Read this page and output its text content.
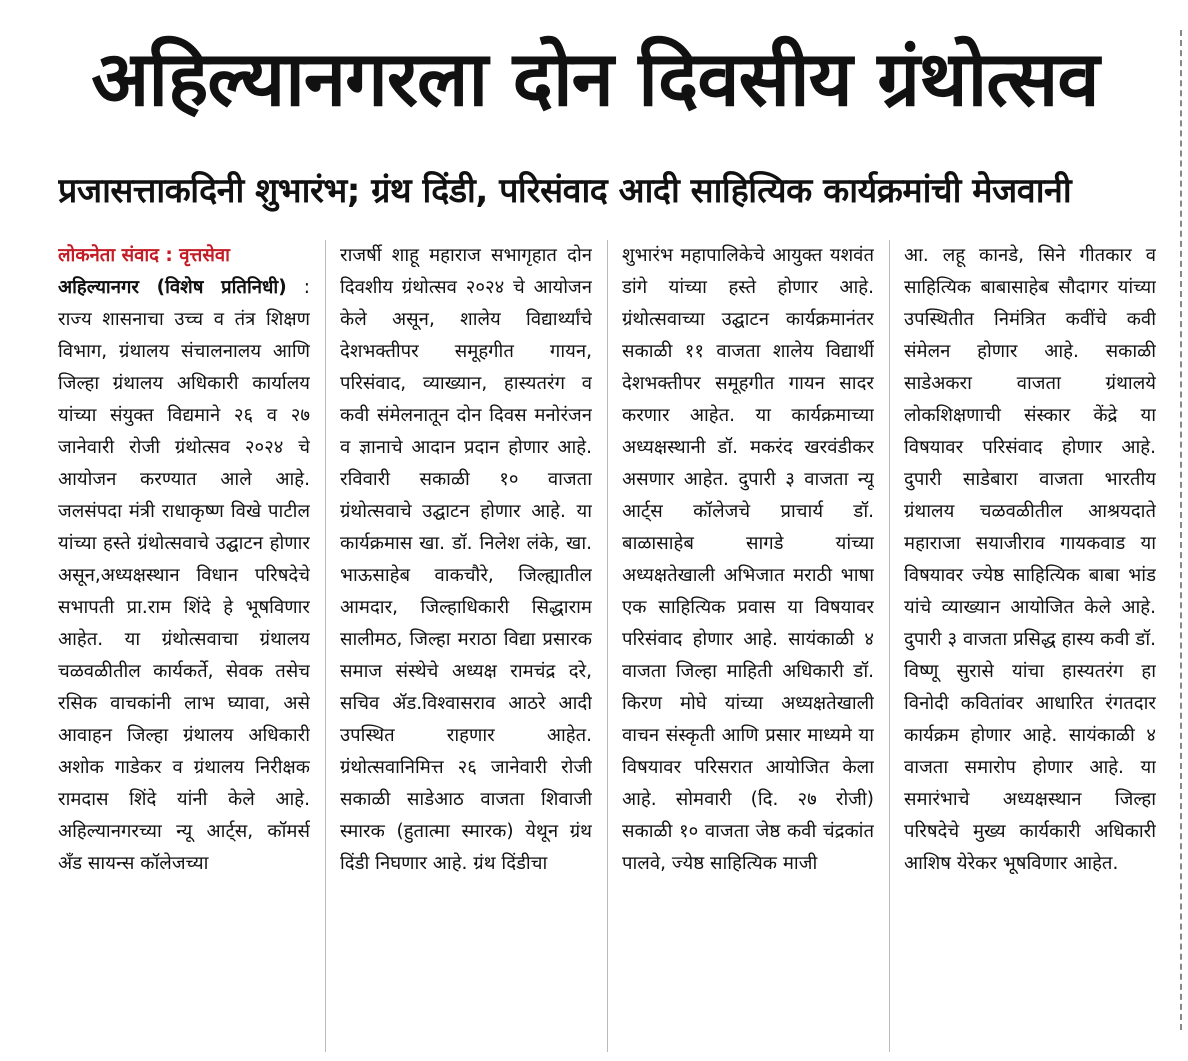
अहिल्यानगरला दोन दिवसीय ग्रंथोत्सव
प्रजासत्ताकदिनी शुभारंभ; ग्रंथ दिंडी, परिसंवाद आदी साहित्यिक कार्यक्रमांची मेजवानी

लोकनेता संवाद : वृत्तसेवा

अहिल्यानगर (विशेष प्रतिनिधी) : राज्य शासनाचा उच्च व तंत्र शिक्षण विभाग, ग्रंथालय संचालनालय आणि जिल्हा ग्रंथालय अधिकारी कार्यालय यांच्या संयुक्त विद्यमाने २६ व २७ जानेवारी रोजी ग्रंथोत्सव २०२४ चे आयोजन करण्यात आले आहे. जलसंपदा मंत्री राधाकृष्ण विखे पाटील यांच्या हस्ते ग्रंथोत्सवाचे उद्घाटन होणार असून,अध्यक्षस्थान विधान परिषदेचे सभापती प्रा.राम शिंदे हे भूषविणार आहेत. या ग्रंथोत्सवाचा ग्रंथालय चळवळीतील कार्यकर्ते, सेवक तसेच रसिक वाचकांनी लाभ घ्यावा, असे आवाहन जिल्हा ग्रंथालय अधिकारी अशोक गाडेकर व ग्रंथालय निरीक्षक रामदास शिंदे यांनी केले आहे. अहिल्यानगरच्या न्यू आर्ट्स, कॉमर्स अँड सायन्स कॉलेजच्या

राजर्षी शाहू महाराज सभागृहात दोन दिवशीय ग्रंथोत्सव २०२४ चे आयोजन केले असून, शालेय विद्यार्थ्यांचे देशभक्तीपर समूहगीत गायन, परिसंवाद, व्याख्यान, हास्यतरंग व कवी संमेलनातून दोन दिवस मनोरंजन व ज्ञानाचे आदान प्रदान होणार आहे. रविवारी सकाळी १० वाजता ग्रंथोत्सवाचे उद्घाटन होणार आहे. या कार्यक्रमास खा. डॉ. निलेश लंके, खा. भाऊसाहेब वाकचौरे, जिल्ह्यातील आमदार, जिल्हाधिकारी सिद्धाराम सालीमठ, जिल्हा मराठा विद्या प्रसारक समाज संस्थेचे अध्यक्ष रामचंद्र दरे, सचिव ॲड.विश्वासराव आठरे आदी उपस्थित राहणार आहेत. ग्रंथोत्सवानिमित्त २६ जानेवारी रोजी सकाळी साडेआठ वाजता शिवाजी स्मारक (हुतात्मा स्मारक) येथून ग्रंथ दिंडी निघणार आहे. ग्रंथ दिंडीचा

शुभारंभ महापालिकेचे आयुक्त यशवंत डांगे यांच्या हस्ते होणार आहे. ग्रंथोत्सवाच्या उद्घाटन कार्यक्रमानंतर सकाळी ११ वाजता शालेय विद्यार्थी देशभक्तीपर समूहगीत गायन सादर करणार आहेत. या कार्यक्रमाच्या अध्यक्षस्थानी डॉ. मकरंद खरवंडीकर असणार आहेत. दुपारी ३ वाजता न्यू आर्ट्स कॉलेजचे प्राचार्य डॉ. बाळासाहेब सागडे यांच्या अध्यक्षतेखाली अभिजात मराठी भाषा एक साहित्यिक प्रवास या विषयावर परिसंवाद होणार आहे. सायंकाळी ४ वाजता जिल्हा माहिती अधिकारी डॉ. किरण मोघे यांच्या अध्यक्षतेखाली वाचन संस्कृती आणि प्रसार माध्यमे या विषयावर परिसरात आयोजित केला आहे. सोमवारी (दि. २७ रोजी) सकाळी १० वाजता जेष्ठ कवी चंद्रकांत पालवे, ज्येष्ठ साहित्यिक माजी

आ. लहू कानडे, सिने गीतकार व साहित्यिक बाबासाहेब सौदागर यांच्या उपस्थितीत निमंत्रित कवींचे कवी संमेलन होणार आहे. सकाळी साडेअकरा वाजता ग्रंथालये लोकशिक्षणाची संस्कार केंद्रे या विषयावर परिसंवाद होणार आहे. दुपारी साडेबारा वाजता भारतीय ग्रंथालय चळवळीतील आश्रयदाते महाराजा सयाजीराव गायकवाड या विषयावर ज्येष्ठ साहित्यिक बाबा भांड यांचे व्याख्यान आयोजित केले आहे. दुपारी ३ वाजता प्रसिद्ध हास्य कवी डॉ. विष्णू सुरासे यांचा हास्यतरंग हा विनोदी कवितांवर आधारित रंगतदार कार्यक्रम होणार आहे. सायंकाळी ४ वाजता समारोप होणार आहे. या समारंभाचे अध्यक्षस्थान जिल्हा परिषदेचे मुख्य कार्यकारी अधिकारी आशिष येरेकर भूषविणार आहेत.
